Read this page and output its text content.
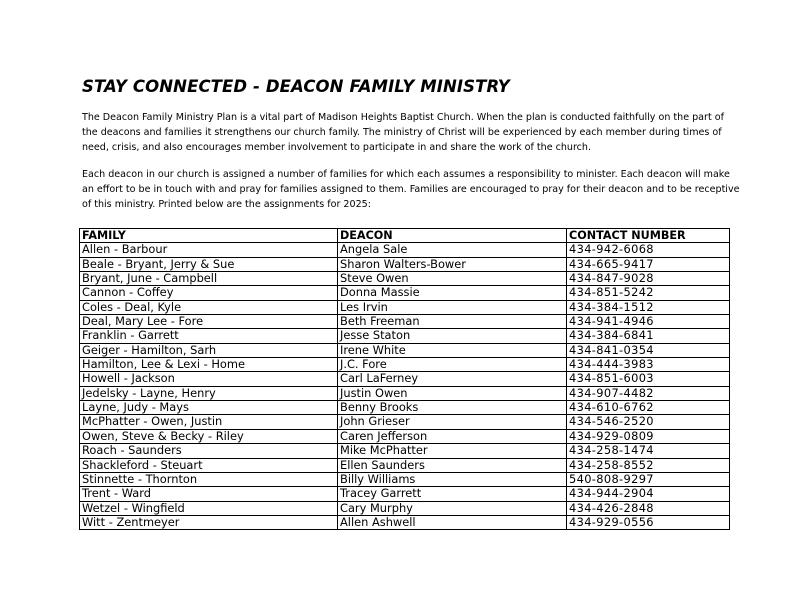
STAY CONNECTED - DEACON FAMILY MINISTRY

The Deacon Family Ministry Plan is a vital part of Madison Heights Baptist Church. When the plan is conducted faithfully on the part of the deacons and families it strengthens our church family. The ministry of Christ will be experienced by each member during times of need, crisis, and also encourages member involvement to participate in and share the work of the church.

Each deacon in our church is assigned a number of families for which each assumes a responsibility to minister. Each deacon will make an effort to be in touch with and pray for families assigned to them. Families are encouraged to pray for their deacon and to be receptive of this ministry. Printed below are the assignments for 2025:

FAMILY	DEACON	CONTACT NUMBER
Allen - Barbour	Angela Sale	434-942-6068
Beale - Bryant, Jerry & Sue	Sharon Walters-Bower	434-665-9417
Bryant, June - Campbell	Steve Owen	434-847-9028
Cannon - Coffey	Donna Massie	434-851-5242
Coles - Deal, Kyle	Les Irvin	434-384-1512
Deal, Mary Lee - Fore	Beth Freeman	434-941-4946
Franklin - Garrett	Jesse Staton	434-384-6841
Geiger - Hamilton, Sarh	Irene White	434-841-0354
Hamilton, Lee & Lexi - Home	J.C. Fore	434-444-3983
Howell - Jackson	Carl LaFerney	434-851-6003
Jedelsky - Layne, Henry	Justin Owen	434-907-4482
Layne, Judy - Mays	Benny Brooks	434-610-6762
McPhatter - Owen, Justin	John Grieser	434-546-2520
Owen, Steve & Becky - Riley	Caren Jefferson	434-929-0809
Roach - Saunders	Mike McPhatter	434-258-1474
Shackleford - Steuart	Ellen Saunders	434-258-8552
Stinnette - Thornton	Billy Williams	540-808-9297
Trent - Ward	Tracey Garrett	434-944-2904
Wetzel - Wingfield	Cary Murphy	434-426-2848
Witt - Zentmeyer	Allen Ashwell	434-929-0556
